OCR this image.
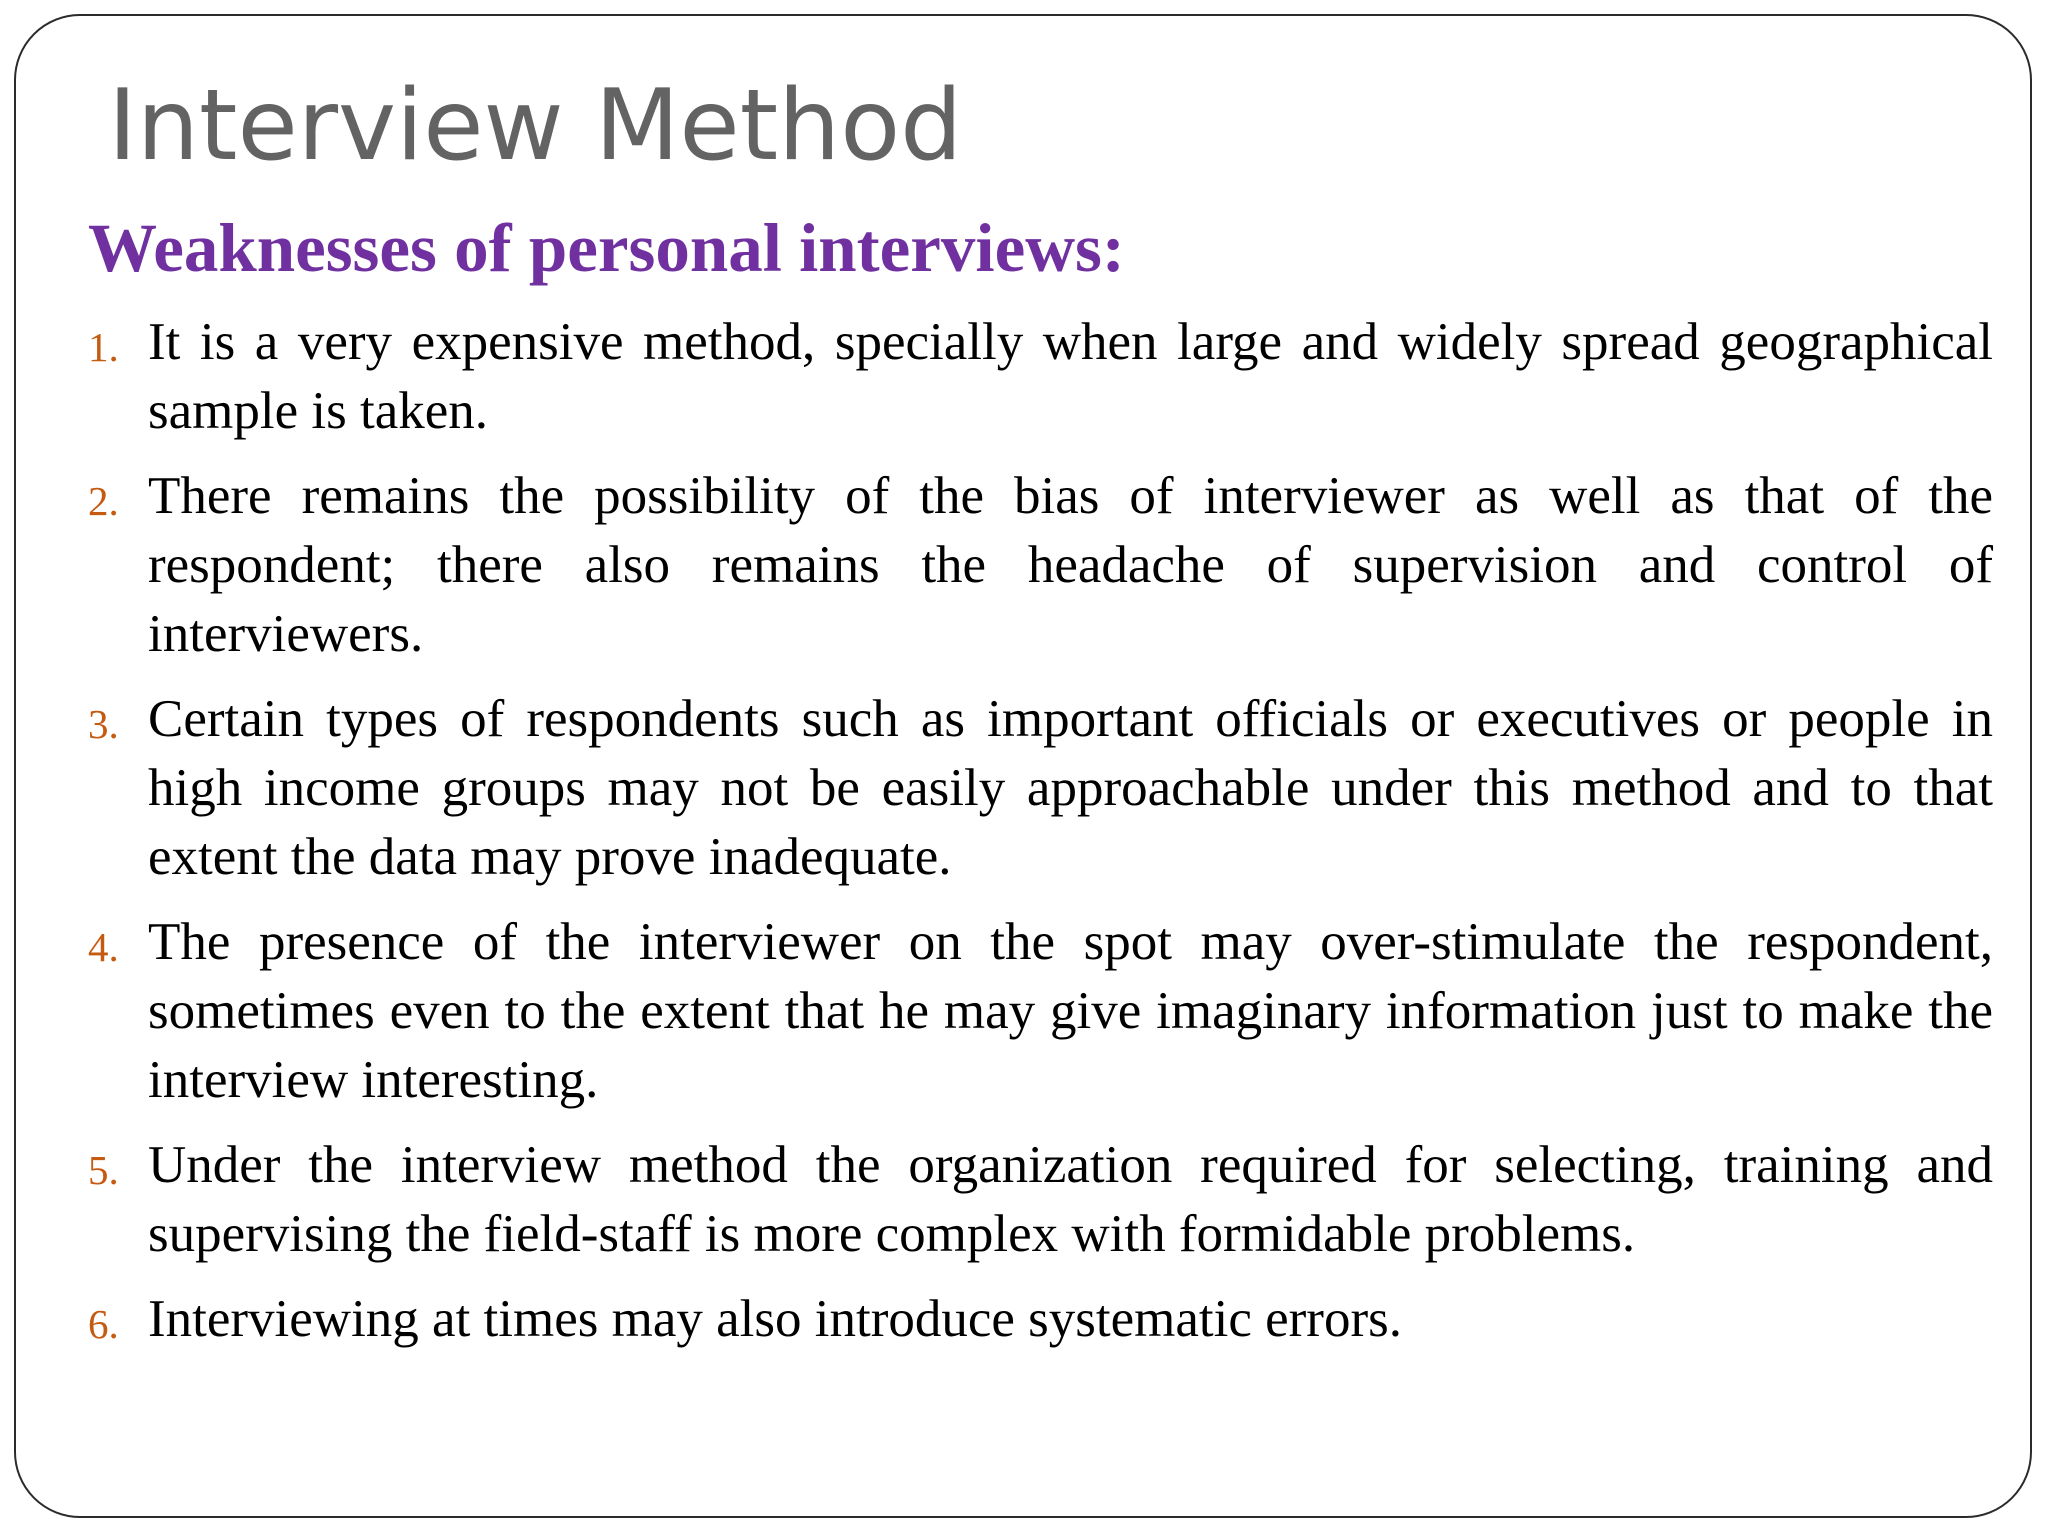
Interview Method
Weaknesses of personal interviews:
1. It is a very expensive method, specially when large and widely spread geographical sample is taken.
2. There remains the possibility of the bias of interviewer as well as that of the respondent; there also remains the headache of supervision and control of interviewers.
3. Certain types of respondents such as important officials or executives or people in high income groups may not be easily approachable under this method and to that extent the data may prove inadequate.
4. The presence of the interviewer on the spot may over-stimulate the respondent, sometimes even to the extent that he may give imaginary information just to make the interview interesting.
5. Under the interview method the organization required for selecting, training and supervising the field-staff is more complex with formidable problems.
6. Interviewing at times may also introduce systematic errors.
